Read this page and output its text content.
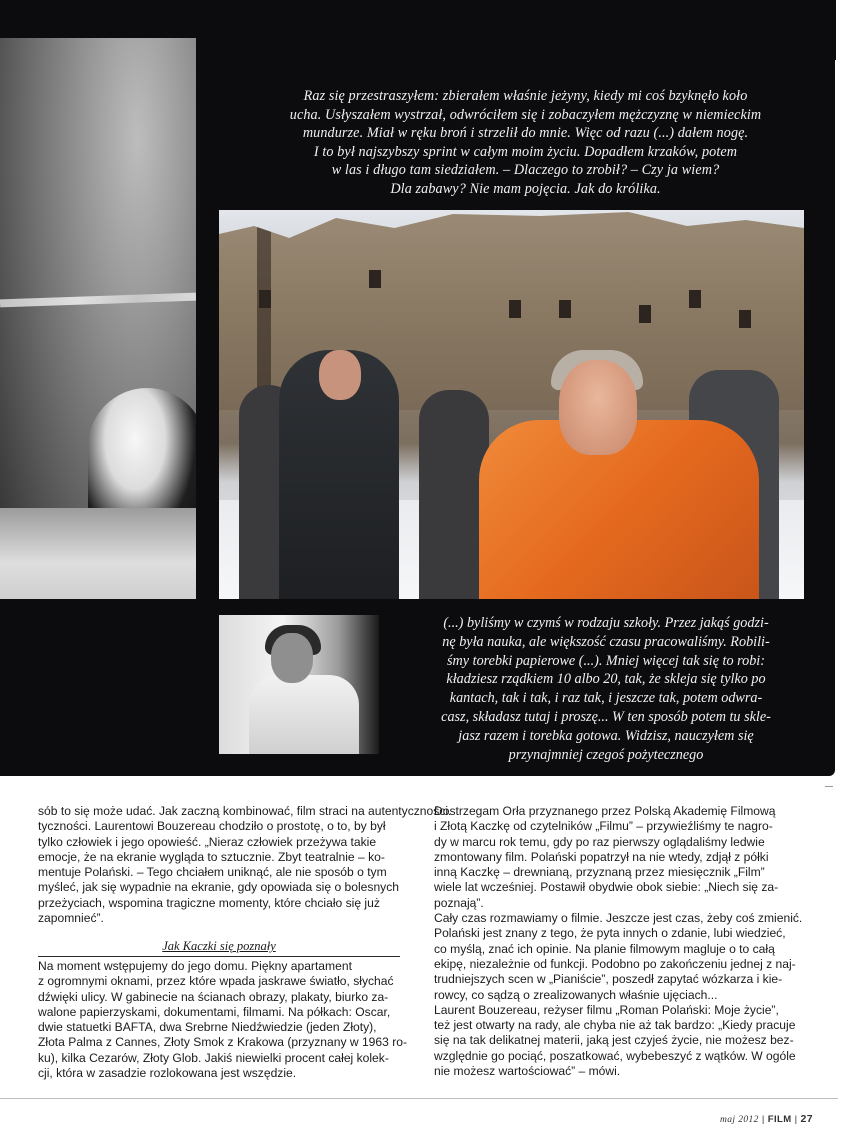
Raz się przestraszyłem: zbierałem właśnie jeżyny, kiedy mi coś bzyknęło koło
ucha. Usłyszałem wystrzał, odwróciłem się i zobaczyłem mężczyznę w niemieckim
mundurze. Miał w ręku broń i strzelił do mnie. Więc od razu (...) dałem nogę.
I to był najszybszy sprint w całym moim życiu. Dopadłem krzaków, potem
w las i długo tam siedziałem. – Dlaczego to zrobił? – Czy ja wiem?
Dla zabawy? Nie mam pojęcia. Jak do królika.
(...) byliśmy w czymś w rodzaju szkoły. Przez jakąś godzi-
nę była nauka, ale większość czasu pracowaliśmy. Robili-
śmy torebki papierowe (...). Mniej więcej tak się to robi:
kładziesz rządkiem 10 albo 20, tak, że skleja się tylko po
kantach, tak i tak, i raz tak, i jeszcze tak, potem odwra-
casz, składasz tutaj i proszę... W ten sposób potem tu skle-
jasz razem i torebka gotowa. Widzisz, nauczyłem się
przynajmniej czegoś pożytecznego
sób to się może udać. Jak zaczną kombinować, film straci na autentyczności.
tyczności. Laurentowi Bouzereau chodziło o prostotę, o to, by był
tylko człowiek i jego opowieść. „Nieraz człowiek przeżywa takie
emocje, że na ekranie wygląda to sztucznie. Zbyt teatralnie – ko-
mentuje Polański. – Tego chciałem uniknąć, ale nie sposób o tym
myśleć, jak się wypadnie na ekranie, gdy opowiada się o bolesnych
przeżyciach, wspomina tragiczne momenty, które chciało się już
zapomnieć”.
Jak Kaczki się poznały
Na moment wstępujemy do jego domu. Piękny apartament
z ogromnymi oknami, przez które wpada jaskrawe światło, słychać
dźwięki ulicy. W gabinecie na ścianach obrazy, plakaty, biurko za-
walone papierzyskami, dokumentami, filmami. Na półkach: Oscar,
dwie statuetki BAFTA, dwa Srebrne Niedźwiedzie (jeden Złoty),
Złota Palma z Cannes, Złoty Smok z Krakowa (przyznany w 1963 ro-
ku), kilka Cezarów, Złoty Glob. Jakiś niewielki procent całej kolek-
cji, która w zasadzie rozlokowana jest wszędzie.
Dostrzegam Orła przyznanego przez Polską Akademię Filmową
i Złotą Kaczkę od czytelników „Filmu” – przywieźliśmy te nagro-
dy w marcu rok temu, gdy po raz pierwszy oglądaliśmy ledwie
zmontowany film. Polański popatrzył na nie wtedy, zdjął z półki
inną Kaczkę – drewnianą, przyznaną przez miesięcznik „Film”
wiele lat wcześniej. Postawił obydwie obok siebie: „Niech się za-
poznają”.
Cały czas rozmawiamy o filmie. Jeszcze jest czas, żeby coś zmienić.
Polański jest znany z tego, że pyta innych o zdanie, lubi wiedzieć,
co myślą, znać ich opinie. Na planie filmowym magluje o to całą
ekipę, niezależnie od funkcji. Podobno po zakończeniu jednej z naj-
trudniejszych scen w „Pianiście”, poszedł zapytać wózkarza i kie-
rowcy, co sądzą o zrealizowanych właśnie ujęciach...
Laurent Bouzereau, reżyser filmu „Roman Polański: Moje życie”,
też jest otwarty na rady, ale chyba nie aż tak bardzo: „Kiedy pracuje
się na tak delikatnej materii, jaką jest czyjeś życie, nie możesz bez-
względnie go pociąć, poszatkować, wybebeszyć z wątków. W ogóle
nie możesz wartościować” – mówi.
maj 2012 | FILM | 27
